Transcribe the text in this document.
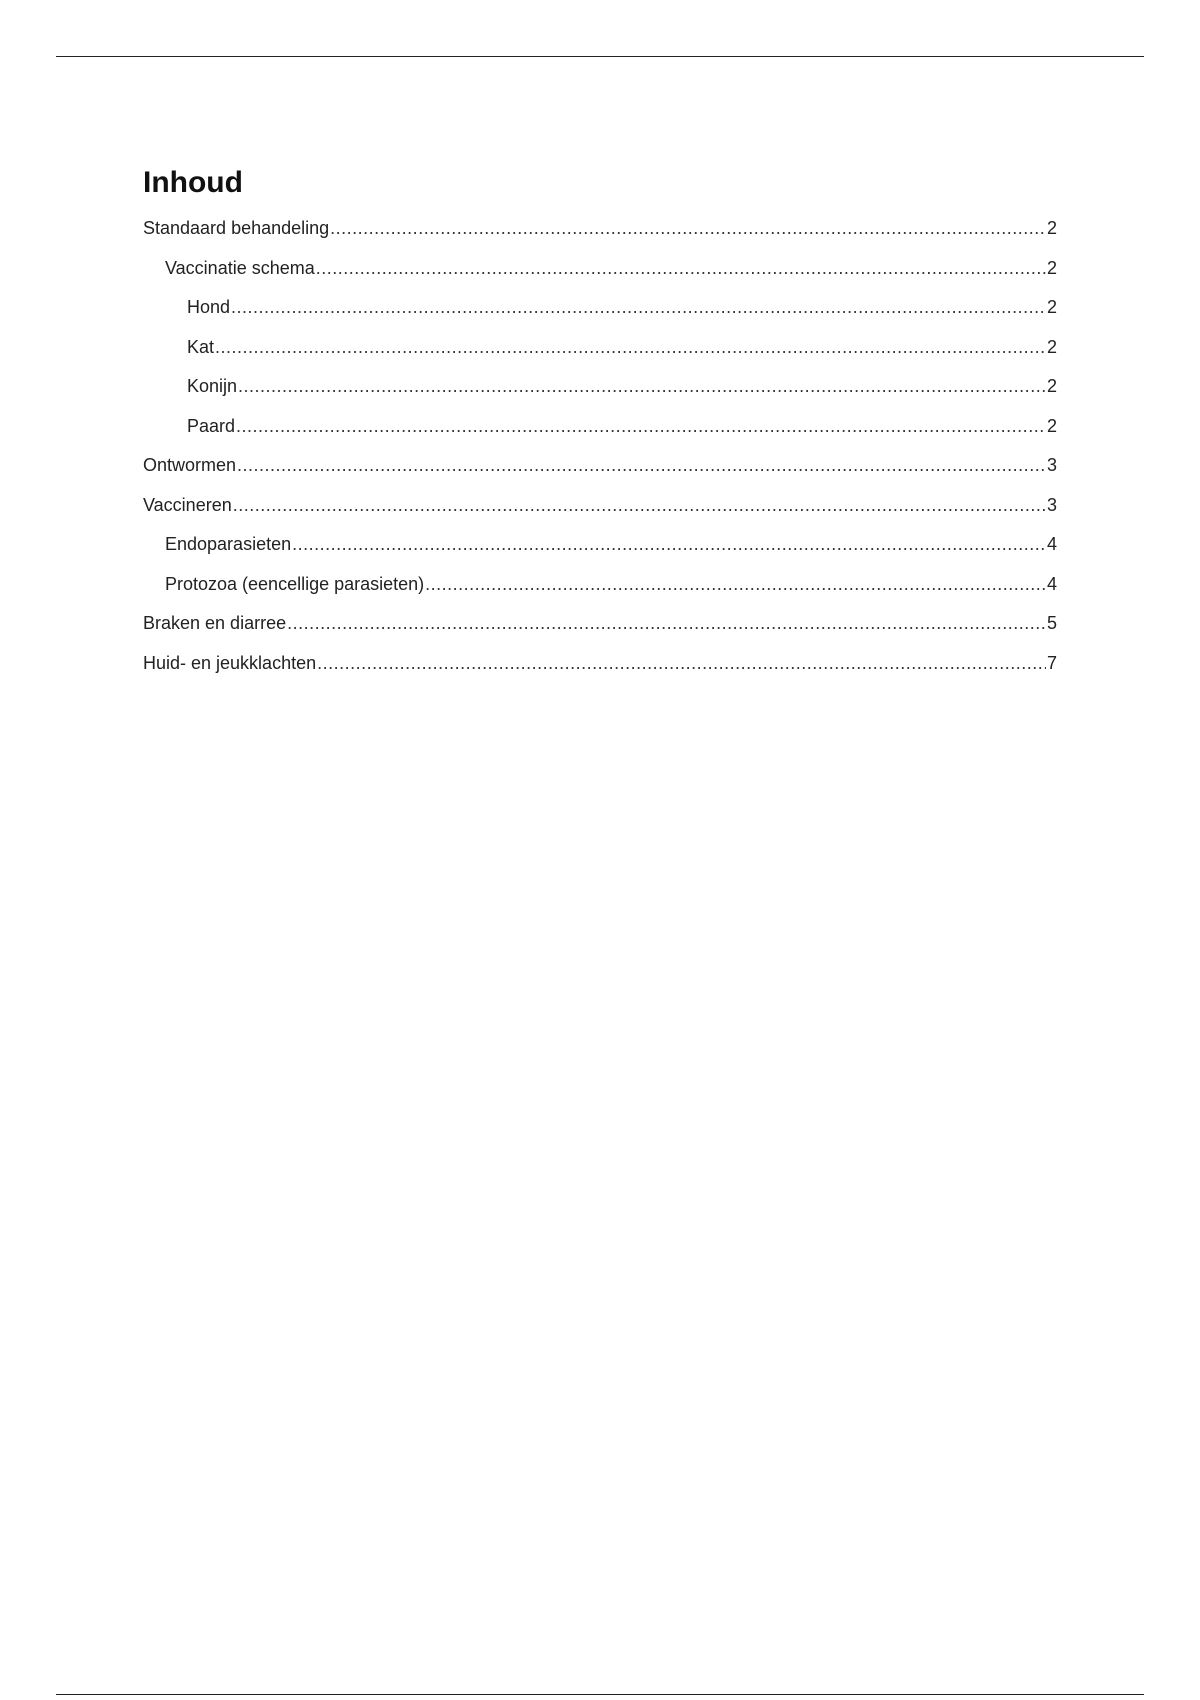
Inhoud
Standaard behandeling .....	2
Vaccinatie schema .....	2
Hond .....	2
Kat .....	2
Konijn .....	2
Paard .....	2
Ontwormen .....	3
Vaccineren .....	3
Endoparasieten .....	4
Protozoa (eencellige parasieten) .....	4
Braken en diarree .....	5
Huid- en jeukklachten .....	7
